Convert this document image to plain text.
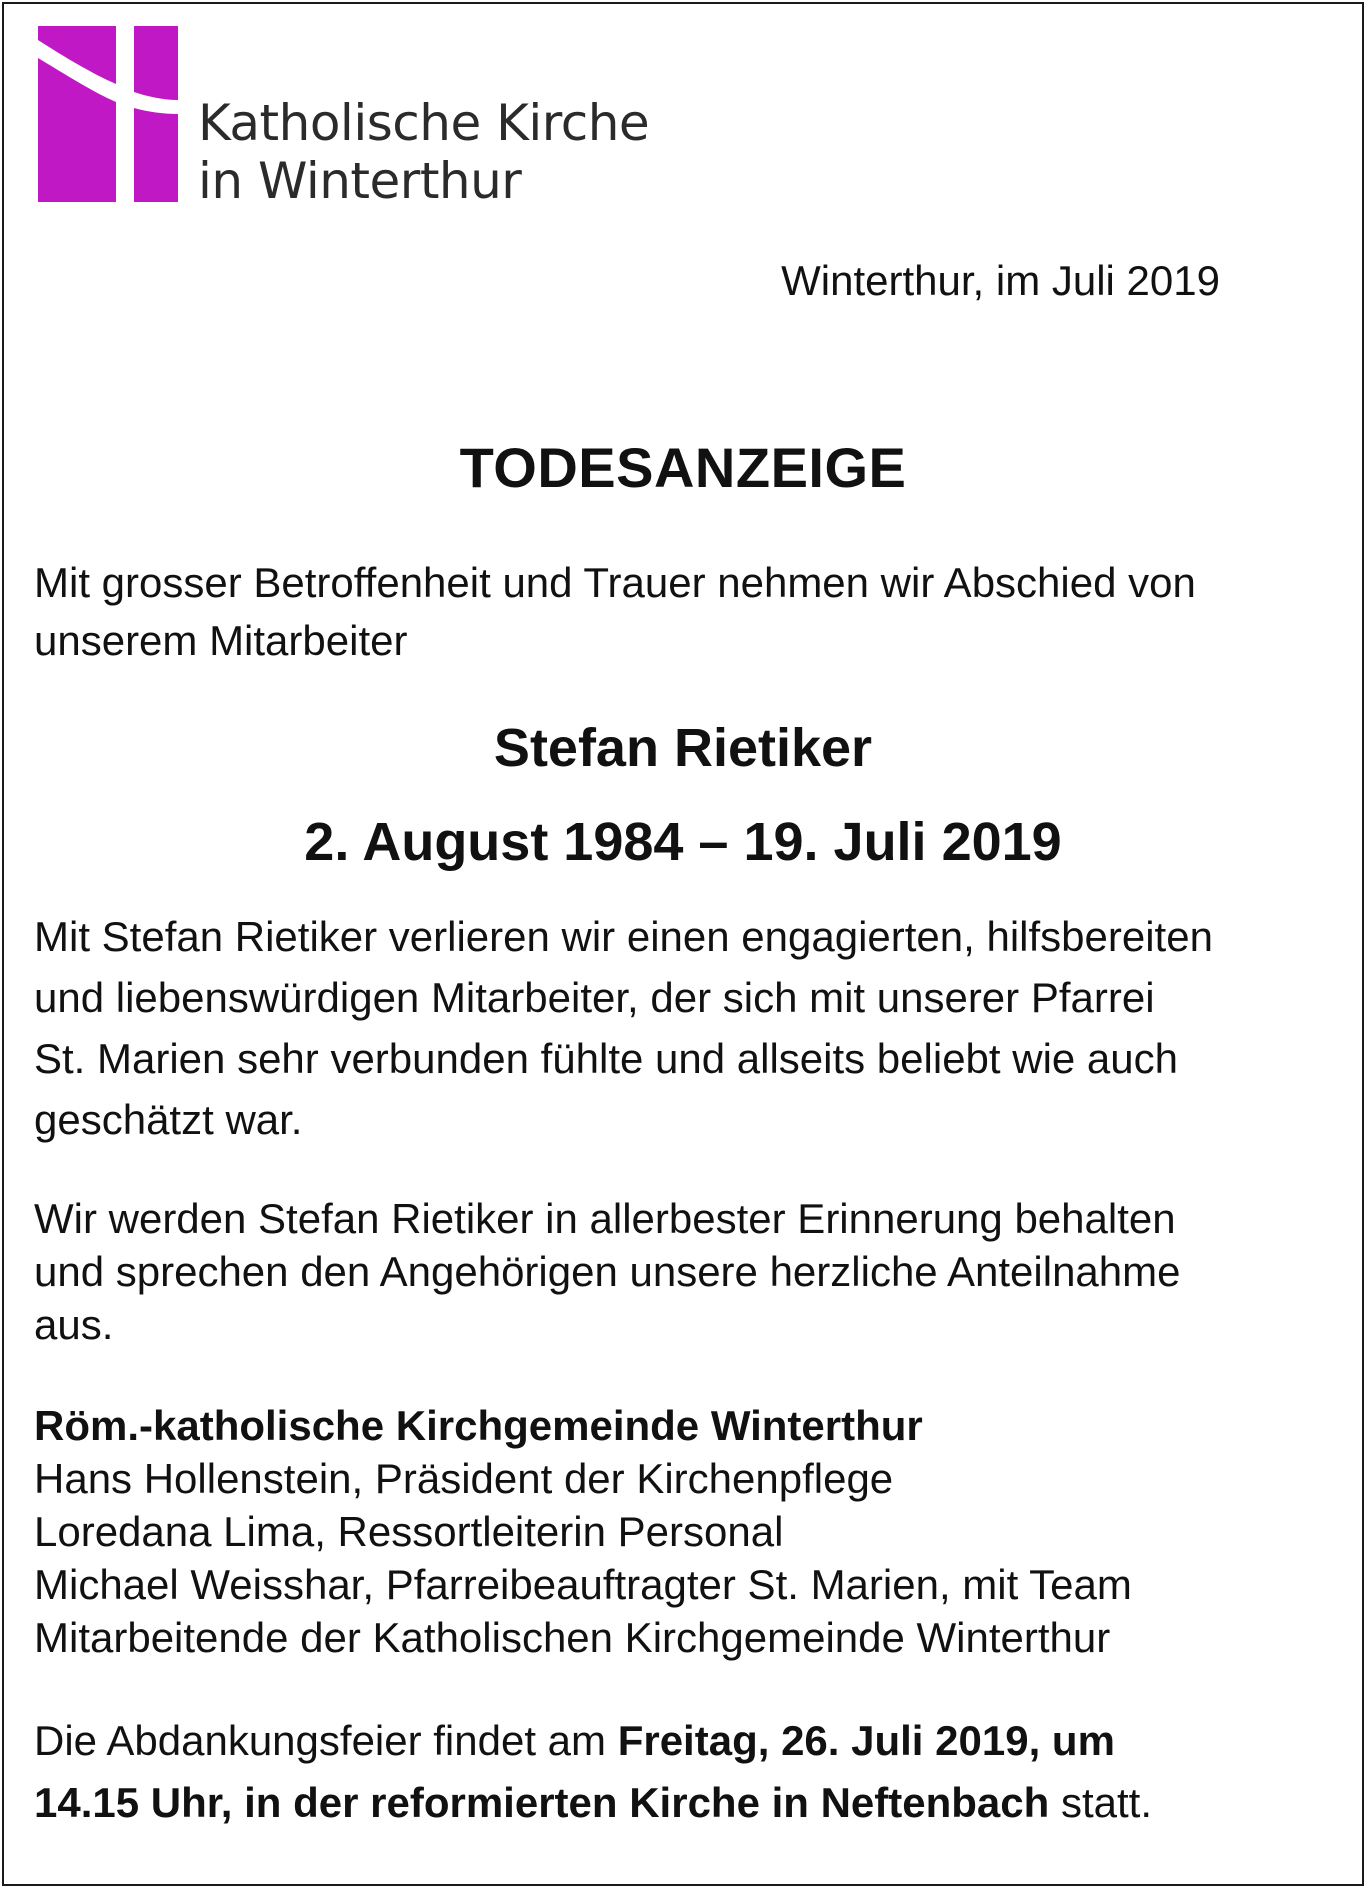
Katholische Kirche
in Winterthur
Winterthur, im Juli 2019
TODESANZEIGE
Mit grosser Betroffenheit und Trauer nehmen wir Abschied von
unserem Mitarbeiter
Stefan Rietiker
2. August 1984 – 19. Juli 2019
Mit Stefan Rietiker verlieren wir einen engagierten, hilfsbereiten
und liebenswürdigen Mitarbeiter, der sich mit unserer Pfarrei
St. Marien sehr verbunden fühlte und allseits beliebt wie auch
geschätzt war.
Wir werden Stefan Rietiker in allerbester Erinnerung behalten
und sprechen den Angehörigen unsere herzliche Anteilnahme
aus.
Röm.-katholische Kirchgemeinde Winterthur
Hans Hollenstein, Präsident der Kirchenpflege
Loredana Lima, Ressortleiterin Personal
Michael Weisshar, Pfarreibeauftragter St. Marien, mit Team
Mitarbeitende der Katholischen Kirchgemeinde Winterthur
Die Abdankungsfeier findet am Freitag, 26. Juli 2019, um
14.15 Uhr, in der reformierten Kirche in Neftenbach statt.
